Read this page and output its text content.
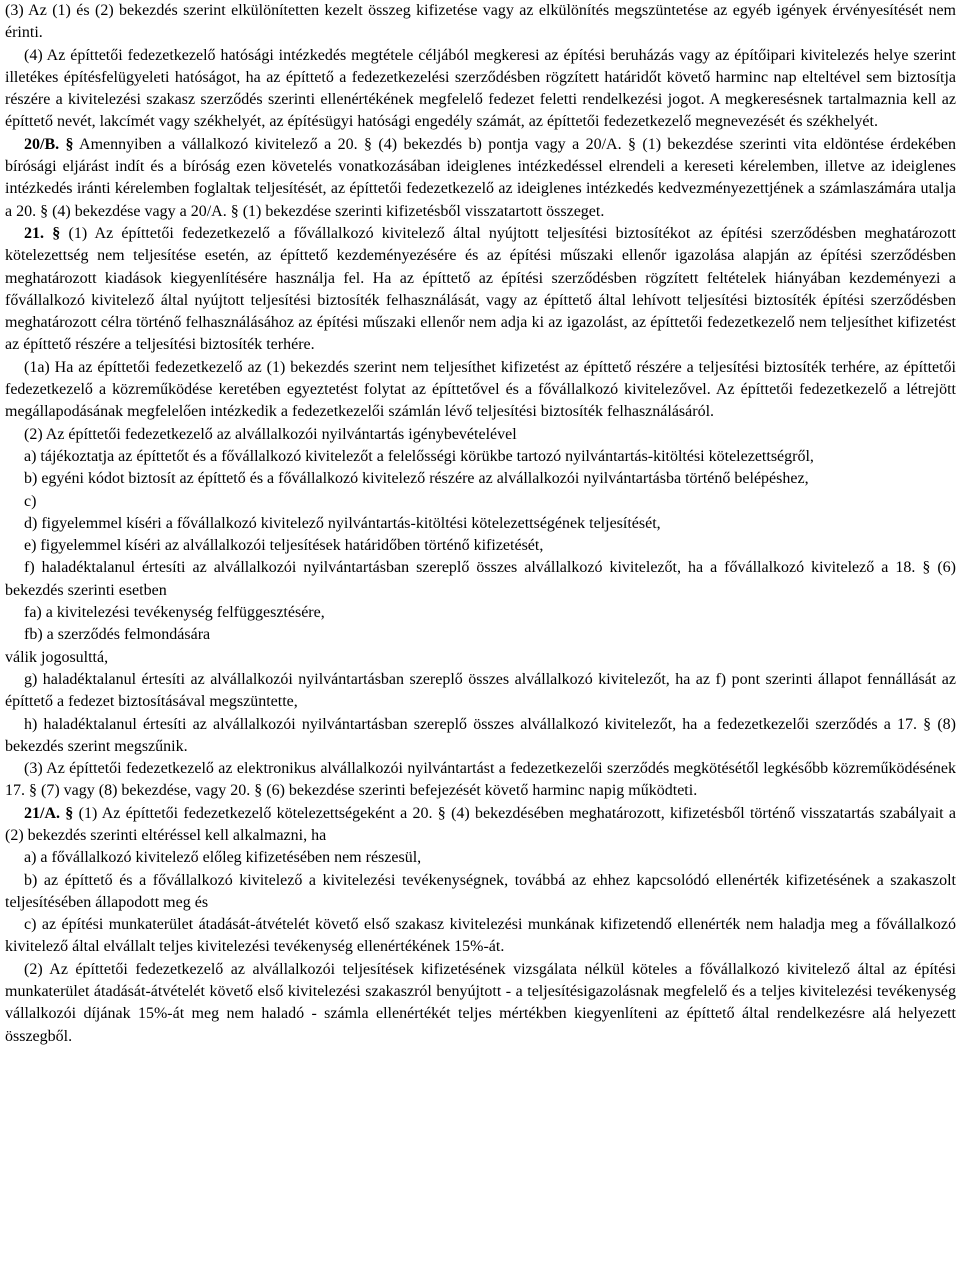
(3) Az (1) és (2) bekezdés szerint elkülönítetten kezelt összeg kifizetése vagy az elkülönítés megszüntetése az egyéb igények érvényesítését nem érinti.

(4) Az építtetői fedezetkezelő hatósági intézkedés megtétele céljából megkeresi az építési beruházás vagy az építőipari kivitelezés helye szerint illetékes építésfelügyeleti hatóságot, ha az építtető a fedezetkezelési szerződésben rögzített határidőt követő harminc nap elteltével sem biztosítja részére a kivitelezési szakasz szerződés szerinti ellenértékének megfelelő fedezet feletti rendelkezési jogot. A megkeresésnek tartalmaznia kell az építtető nevét, lakcímét vagy székhelyét, az építésügyi hatósági engedély számát, az építtetői fedezetkezelő megnevezését és székhelyét.

20/B. § Amennyiben a vállalkozó kivitelező a 20. § (4) bekezdés b) pontja vagy a 20/A. § (1) bekezdése szerinti vita eldöntése érdekében bírósági eljárást indít és a bíróság ezen követelés vonatkozásában ideiglenes intézkedéssel elrendeli a kereseti kérelemben, illetve az ideiglenes intézkedés iránti kérelemben foglaltak teljesítését, az építtetői fedezetkezelő az ideiglenes intézkedés kedvezményezettjének a számlaszámára utalja a 20. § (4) bekezdése vagy a 20/A. § (1) bekezdése szerinti kifizetésből visszatartott összeget.

21. § (1) Az építtetői fedezetkezelő a fővállalkozó kivitelező által nyújtott teljesítési biztosítékot az építési szerződésben meghatározott kötelezettség nem teljesítése esetén, az építtető kezdeményezésére és az építési műszaki ellenőr igazolása alapján az építési szerződésben meghatározott kiadások kiegyenlítésére használja fel. Ha az építtető az építési szerződésben rögzített feltételek hiányában kezdeményezi a fővállalkozó kivitelező által nyújtott teljesítési biztosíték felhasználását, vagy az építtető által lehívott teljesítési biztosíték építési szerződésben meghatározott célra történő felhasználásához az építési műszaki ellenőr nem adja ki az igazolást, az építtetői fedezetkezelő nem teljesíthet kifizetést az építtető részére a teljesítési biztosíték terhére.

(1a) Ha az építtetői fedezetkezelő az (1) bekezdés szerint nem teljesíthet kifizetést az építtető részére a teljesítési biztosíték terhére, az építtetői fedezetkezelő a közreműködése keretében egyeztetést folytat az építtetővel és a fővállalkozó kivitelezővel. Az építtetői fedezetkezelő a létrejött megállapodásának megfelelően intézkedik a fedezetkezelői számlán lévő teljesítési biztosíték felhasználásáról.

(2) Az építtetői fedezetkezelő az alvállalkozói nyilvántartás igénybevételével

a) tájékoztatja az építtetőt és a fővállalkozó kivitelezőt a felelősségi körükbe tartozó nyilvántartás-kitöltési kötelezettségről,

b) egyéni kódot biztosít az építtető és a fővállalkozó kivitelező részére az alvállalkozói nyilvántartásba történő belépéshez,

c)

d) figyelemmel kíséri a fővállalkozó kivitelező nyilvántartás-kitöltési kötelezettségének teljesítését,

e) figyelemmel kíséri az alvállalkozói teljesítések határidőben történő kifizetését,

f) haladéktalanul értesíti az alvállalkozói nyilvántartásban szereplő összes alvállalkozó kivitelezőt, ha a fővállalkozó kivitelező a 18. § (6) bekezdés szerinti esetben

fa) a kivitelezési tevékenység felfüggesztésére,

fb) a szerződés felmondására

válik jogosulttá,

g) haladéktalanul értesíti az alvállalkozói nyilvántartásban szereplő összes alvállalkozó kivitelezőt, ha az f) pont szerinti állapot fennállását az építtető a fedezet biztosításával megszüntette,

h) haladéktalanul értesíti az alvállalkozói nyilvántartásban szereplő összes alvállalkozó kivitelezőt, ha a fedezetkezelői szerződés a 17. § (8) bekezdés szerint megszűnik.

(3) Az építtetői fedezetkezelő az elektronikus alvállalkozói nyilvántartást a fedezetkezelői szerződés megkötésétől legkésőbb közreműködésének 17. § (7) vagy (8) bekezdése, vagy 20. § (6) bekezdése szerinti befejezését követő harminc napig működteti.

21/A. § (1) Az építtetői fedezetkezelő kötelezettségeként a 20. § (4) bekezdésében meghatározott, kifizetésből történő visszatartás szabályait a (2) bekezdés szerinti eltéréssel kell alkalmazni, ha

a) a fővállalkozó kivitelező előleg kifizetésében nem részesül,

b) az építtető és a fővállalkozó kivitelező a kivitelezési tevékenységnek, továbbá az ehhez kapcsolódó ellenérték kifizetésének a szakaszolt teljesítésében állapodott meg és

c) az építési munkaterület átadását-átvételét követő első szakasz kivitelezési munkának kifizetendő ellenérték nem haladja meg a fővállalkozó kivitelező által elvállalt teljes kivitelezési tevékenység ellenértékének 15%-át.

(2) Az építtetői fedezetkezelő az alvállalkozói teljesítések kifizetésének vizsgálata nélkül köteles a fővállalkozó kivitelező által az építési munkaterület átadását-átvételét követő első kivitelezési szakaszról benyújtott - a teljesítésigazolásnak megfelelő és a teljes kivitelezési tevékenység vállalkozói díjának 15%-át meg nem haladó - számla ellenértékét teljes mértékben kiegyenlíteni az építtető által rendelkezésre alá helyezett összegből.
